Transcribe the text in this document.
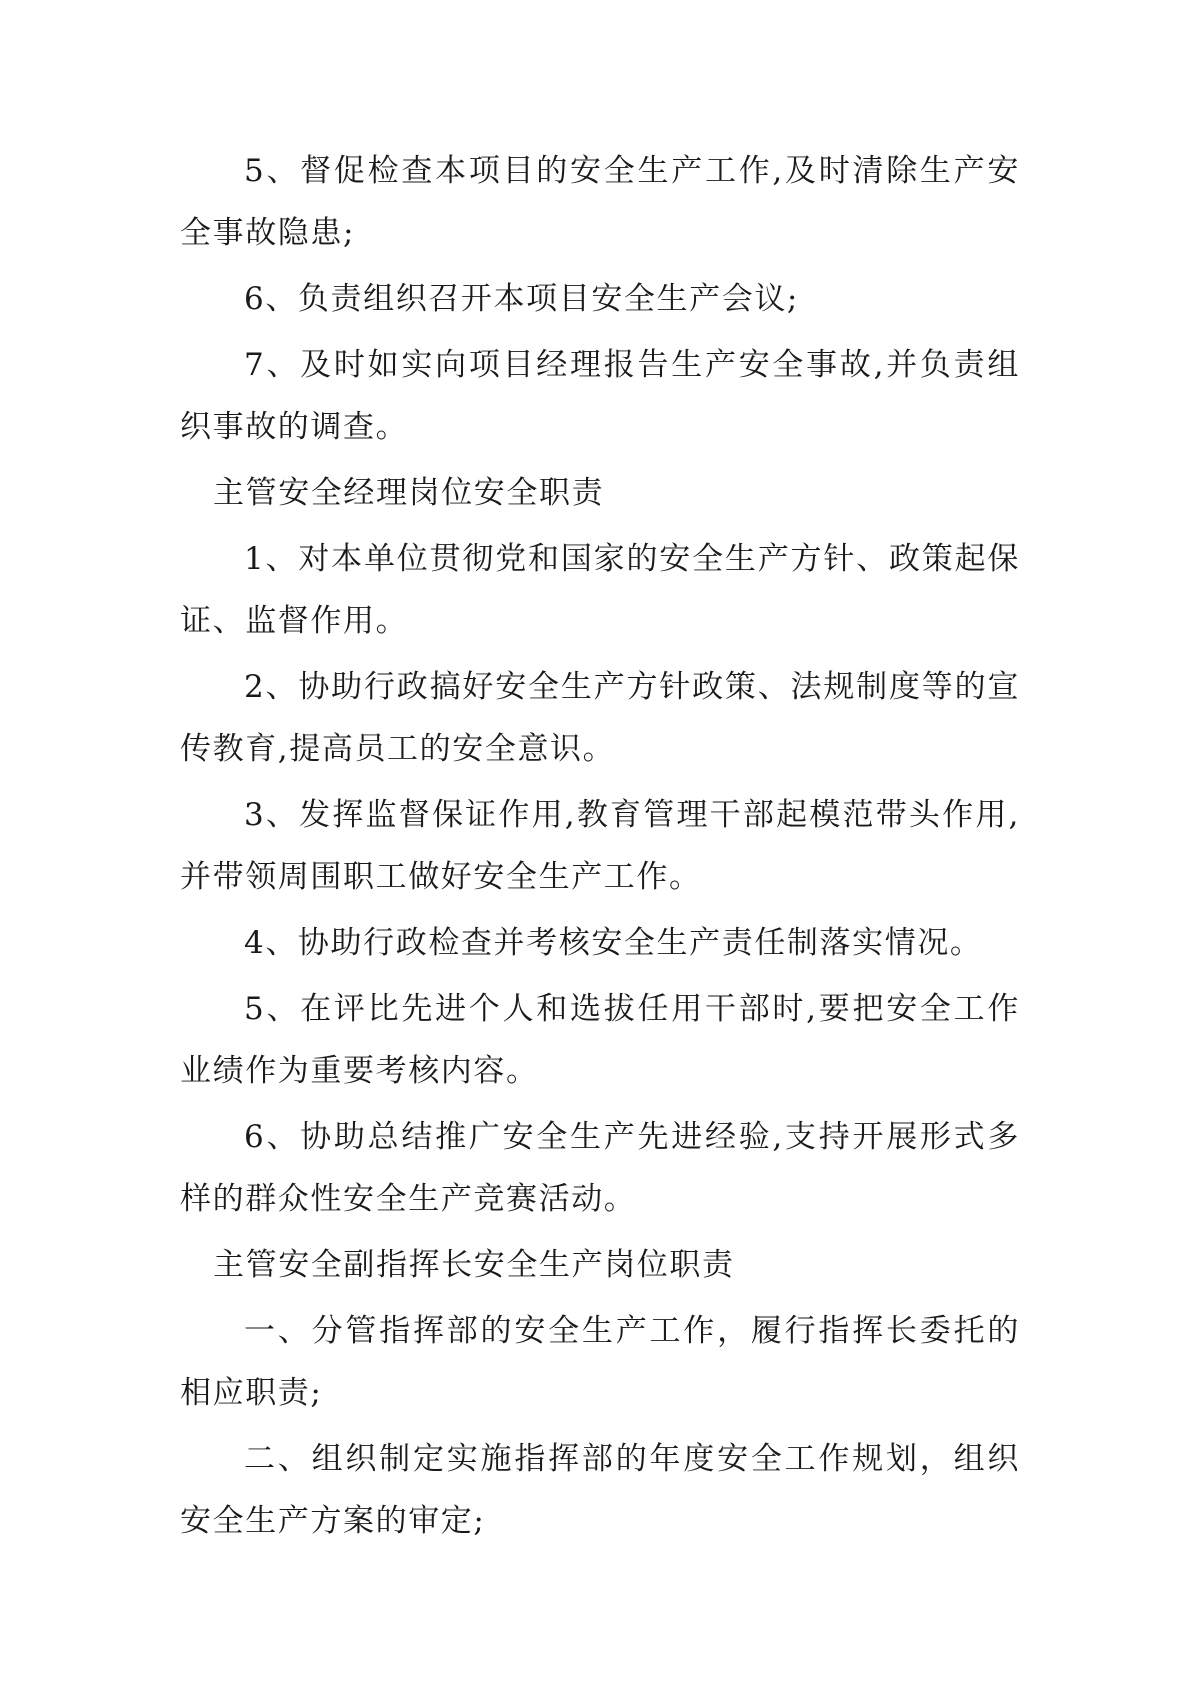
5、督促检查本项目的安全生产工作,及时清除生产安全事故隐患;

6、负责组织召开本项目安全生产会议;

7、及时如实向项目经理报告生产安全事故,并负责组织事故的调查。

主管安全经理岗位安全职责

1、对本单位贯彻党和国家的安全生产方针、政策起保证、监督作用。

2、协助行政搞好安全生产方针政策、法规制度等的宣传教育,提高员工的安全意识。

3、发挥监督保证作用,教育管理干部起模范带头作用,并带领周围职工做好安全生产工作。

4、协助行政检查并考核安全生产责任制落实情况。

5、在评比先进个人和选拔任用干部时,要把安全工作业绩作为重要考核内容。

6、协助总结推广安全生产先进经验,支持开展形式多样的群众性安全生产竞赛活动。

主管安全副指挥长安全生产岗位职责

一、分管指挥部的安全生产工作，履行指挥长委托的相应职责;

二、组织制定实施指挥部的年度安全工作规划，组织安全生产方案的审定;
